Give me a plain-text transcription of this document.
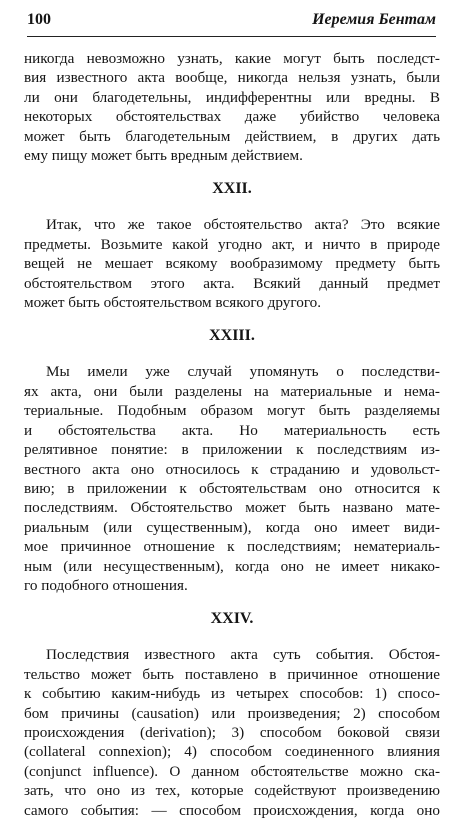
100	Иеремия Бентам
никогда невозможно узнать, какие могут быть последст-
вия известного акта вообще, никогда нельзя узнать, были
ли они благодетельны, индифферентны или вредны. В
некоторых обстоятельствах даже убийство человека
может быть благодетельным действием, в других дать
ему пищу может быть вредным действием.
XXII.
Итак, что же такое обстоятельство акта? Это всякие
предметы. Возьмите какой угодно акт, и ничто в природе
вещей не мешает всякому вообразимому предмету быть
обстоятельством этого акта. Всякий данный предмет
может быть обстоятельством всякого другого.
XXIII.
Мы имели уже случай упомянуть о последстви-
ях акта, они были разделены на материальные и нема-
териальные. Подобным образом могут быть разделяемы
и обстоятельства акта. Но материальность есть
релятивное понятие: в приложении к последствиям из-
вестного акта оно относилось к страданию и удовольст-
вию; в приложении к обстоятельствам оно относится к
последствиям. Обстоятельство может быть названо мате-
риальным (или существенным), когда оно имеет види-
мое причинное отношение к последствиям; нематериаль-
ным (или несущественным), когда оно не имеет никако-
го подобного отношения.
XXIV.
Последствия известного акта суть события. Обстоя-
тельство может быть поставлено в причинное отношение
к событию каким-нибудь из четырех способов: 1) спосо-
бом причины (causation) или произведения; 2) способом
происхождения (derivation); 3) способом боковой связи
(collateral connexion); 4) способом соединенного влияния
(conjunct influence). О данном обстоятельстве можно ска-
зать, что оно из тех, которые содействуют произведению
самого события: — способом происхождения, когда оно
